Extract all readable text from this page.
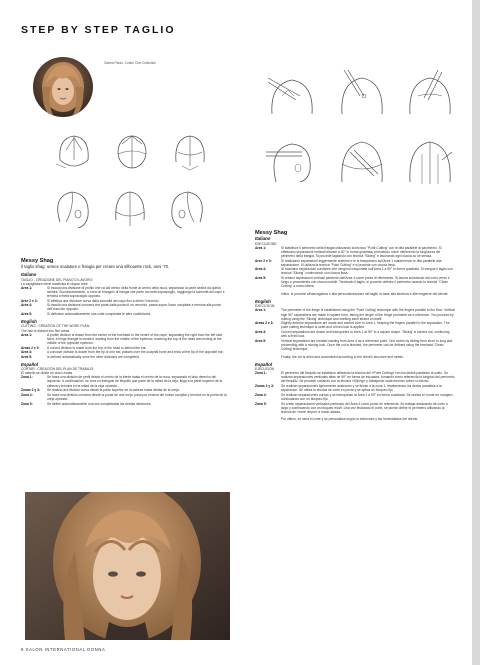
STEP BY STEP TAGLIO
Gabba Pardo, Cuttez Chic Collection
Messy Shag
Il taglio shag: unisce scalature e frangia per creare una silhouette rock, anni '70.
Italiano
TAGLIO - CREAZIONE DEL PIANO DI LAVORO:
La capigliatura viene suddivisa in cinque aree.
Area 1:	Si traccia una divisione di profilo che va dal centro della fronte al centro della nuca, separando la parte destra da quella sinistra. Successivamente, si crea un triangolo di frangia che parte da metà sopracciglio, raggiunge la sommità del capo e termina a metà sopracciglio opposto.
Aree 2 e 3:	Si effettua una divisione curva dalla sommità del capo fino a dietro l'orecchio.
Area 4:	Si traccia una divisione concava che parte dalla punta di un orecchio, passa sopra l'osso occipitale e termina alla punta dell'orecchio opposto.
Area 5:	Si definisce automaticamente una volta completate le altre suddivisioni.
English
CUTTING - CREATION OF THE WORK PLAN:
The hair is divided into five areas.
Area 1:	A profile division is drawn from the centre of the forehead to the centre of the nape, separating the right from the left side. Next, a fringe triangle is created, starting from the middle of the eyebrow, reaching the top of the head and ending at the middle of the opposite eyebrow.
Areas 2 e 3:	A curved division is made from the top of the head to behind the ear.
Area 4:	A concave division is drawn from the tip of one ear, passes over the occipital bone and ends at the tip of the opposite ear.
Area 5:	Is defined automatically once the other divisions are completed.
Español
CORTAR - CREACIÓN DEL PLAN DE TRABAJO:
El cabello se divide en cinco zonas.
Zona 1:	Se traza una división de perfil desde el centro de la frente hasta el centro de la nuca, separando el lado derecho del izquierdo. A continuación, se crea un triángulo de flequillo que parte de la mitad de la ceja, llega a la parte superior de la cabeza y termina en la mitad de la ceja opuesta.
Zonas 2 y 3:	Se realiza una división curva desde la parte superior de la cabeza hasta detrás de la oreja.
Zona 4:	Se traza una división cóncava desde la punta de una oreja, pasa por encima del hueso occipital y termina en la punta de la oreja opuesta.
Zona 5:	Se define automáticamente una vez completadas las demás divisiones.
Messy Shag
Italiano
ESECUZIONE:
Area 1:	Si stabilisce il perimetro della frangia utilizzando la tecnica "Point Cutting" con le dita parallele al pavimento. Si effettuano separazioni verticali elevate a 90° in forma quadrata, prendendo come riferimento la lunghezza del perimetro della frangia. Si procede tagliando con tecnica "Slicing" e lavorando ogni ciocca su se stessa.
Aree 2 e 3:	Si realizzano separazioni leggermente anteriori e le si trasportano sull'Area 1 mantenendo le dita parallele alla separazione. Si utilizza la tecnica "Point Cutting" e si procede con ciocca fissa.
Area 4:	Si tracciano separazioni curvilinee che vengono trasportate sull'Area 1 a 90° in forma quadrata. Si esegue il taglio con tecnica "Slicing" continuando con ciocca fissa.
Area 5:	Si creano separazioni verticali partendo dall'Area 4 come punto di riferimento. Si lavora scivolando dal corto verso il lungo e procedendo con ciocca mobile. Terminato il taglio, si procede definire il perimetro usando la tecnica "Clean Cutting" a mano libera.
Infine, si procede all'asciugatura e alla personalizzazione del taglio in base alla struttura e alle esigenze del cliente.
English
EXECUTION:
Area 1:	The perimeter of the fringe is established using the 'Point Cutting' technique with the fingers parallel to the floor. Vertical high 90° separations are made in square form, taking the length of the fringe perimeter as a reference. You proceed by cutting using the 'Slicing' technique and working each strand on itself.
Areas 2 e 3:	Slightly anterior separations are made and carried over to Area 1, keeping the fingers parallel to the separation. The point cutting technique is used and a fixed lock is applied.
Area 4:	Curved separations are drawn and transported to Area 1 at 90° in a square shape. 'Slicing' is carried out, continuing with a fixed lock.
Area 5:	Vertical separations are created starting from Area 4 as a reference point. One works by sliding from short to long and proceeding with a moving lock. Once the cut is finished, the perimeter can be defined using the freehand 'Clean Cutting' technique.
Finally, the cut is dried and customised according to the client's structure and needs.
Español
EJECUCIÓN
Zona 1:	El perímetro del flequillo se establece utilizando la técnica del «Point Cutting» con los dedos paralelos al suelo. Se realizan separaciones verticales altas de 90° en forma de escuadra, tomando como referencia la longitud del perímetro del flequillo. Se procede cortando con la técnica «Slicing» y trabajando cada mechón sobre sí mismo.
Zonas 2 y 3:	Se realizan separaciones ligeramente anteriores y se llevan a la zona 1, manteniendo los dedos paralelos a la separación. Se utiliza la técnica de corte en punta y se aplica un bloqueo fijo.
Zona 4:	Se realizan separaciones curvas y se transportan al Área 1 a 90° en forma cuadrada. Se realiza el «corte en rodajas», continuando con un bloqueo fijo.
Zona 5:	Se crean separaciones verticales partiendo del Área 4 como punto de referencia. Se trabaja deslizando de corto a largo y continuando con un bloqueo móvil. Una vez finalizado el corte, se puede definir el perímetro utilizando la técnica de «corte limpio» a mano alzada.
Por último, se seca el corte y se personaliza según la estructura y las necesidades del cliente.
8 SALON INTERNATIONAL DONNA
